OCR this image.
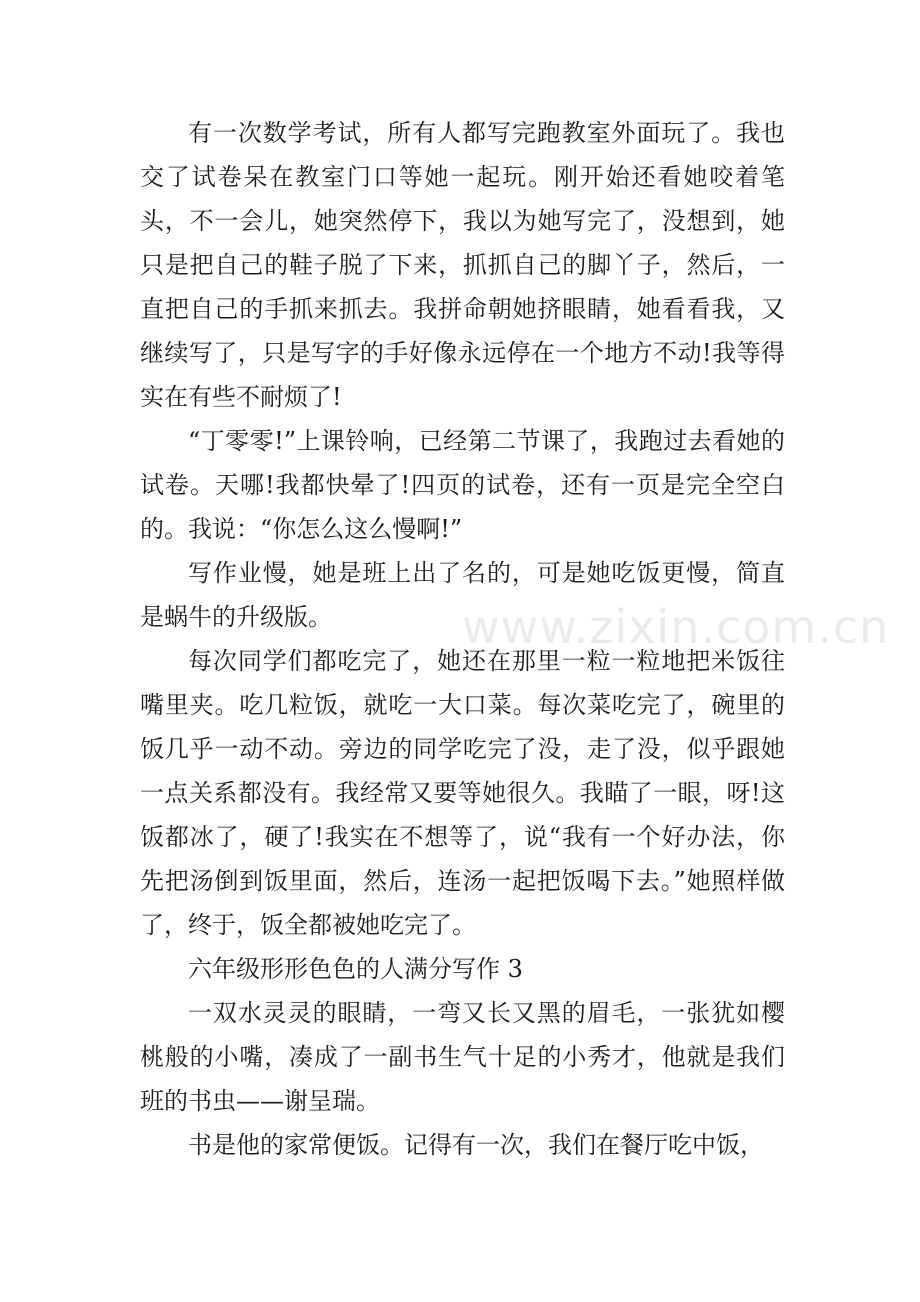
有一次数学考试，所有人都写完跑教室外面玩了。我也交了试卷呆在教室门口等她一起玩。刚开始还看她咬着笔头，不一会儿，她突然停下，我以为她写完了，没想到，她只是把自己的鞋子脱了下来，抓抓自己的脚丫子，然后，一直把自己的手抓来抓去。我拼命朝她挤眼睛，她看看我，又继续写了，只是写字的手好像永远停在一个地方不动!我等得实在有些不耐烦了!

“丁零零!”上课铃响，已经第二节课了，我跑过去看她的试卷。天哪!我都快晕了!四页的试卷，还有一页是完全空白的。我说：“你怎么这么慢啊!”

写作业慢，她是班上出了名的，可是她吃饭更慢，简直是蜗牛的升级版。

每次同学们都吃完了，她还在那里一粒一粒地把米饭往嘴里夹。吃几粒饭，就吃一大口菜。每次菜吃完了，碗里的饭几乎一动不动。旁边的同学吃完了没，走了没，似乎跟她一点关系都没有。我经常又要等她很久。我瞄了一眼，呀!这饭都冰了，硬了!我实在不想等了，说“我有一个好办法，你先把汤倒到饭里面，然后，连汤一起把饭喝下去。”她照样做了，终于，饭全都被她吃完了。

六年级形形色色的人满分写作 3

一双水灵灵的眼睛，一弯又长又黑的眉毛，一张犹如樱桃般的小嘴，凑成了一副书生气十足的小秀才，他就是我们班的书虫——谢呈瑞。

书是他的家常便饭。记得有一次，我们在餐厅吃中饭，

www.zixin.com.cn
